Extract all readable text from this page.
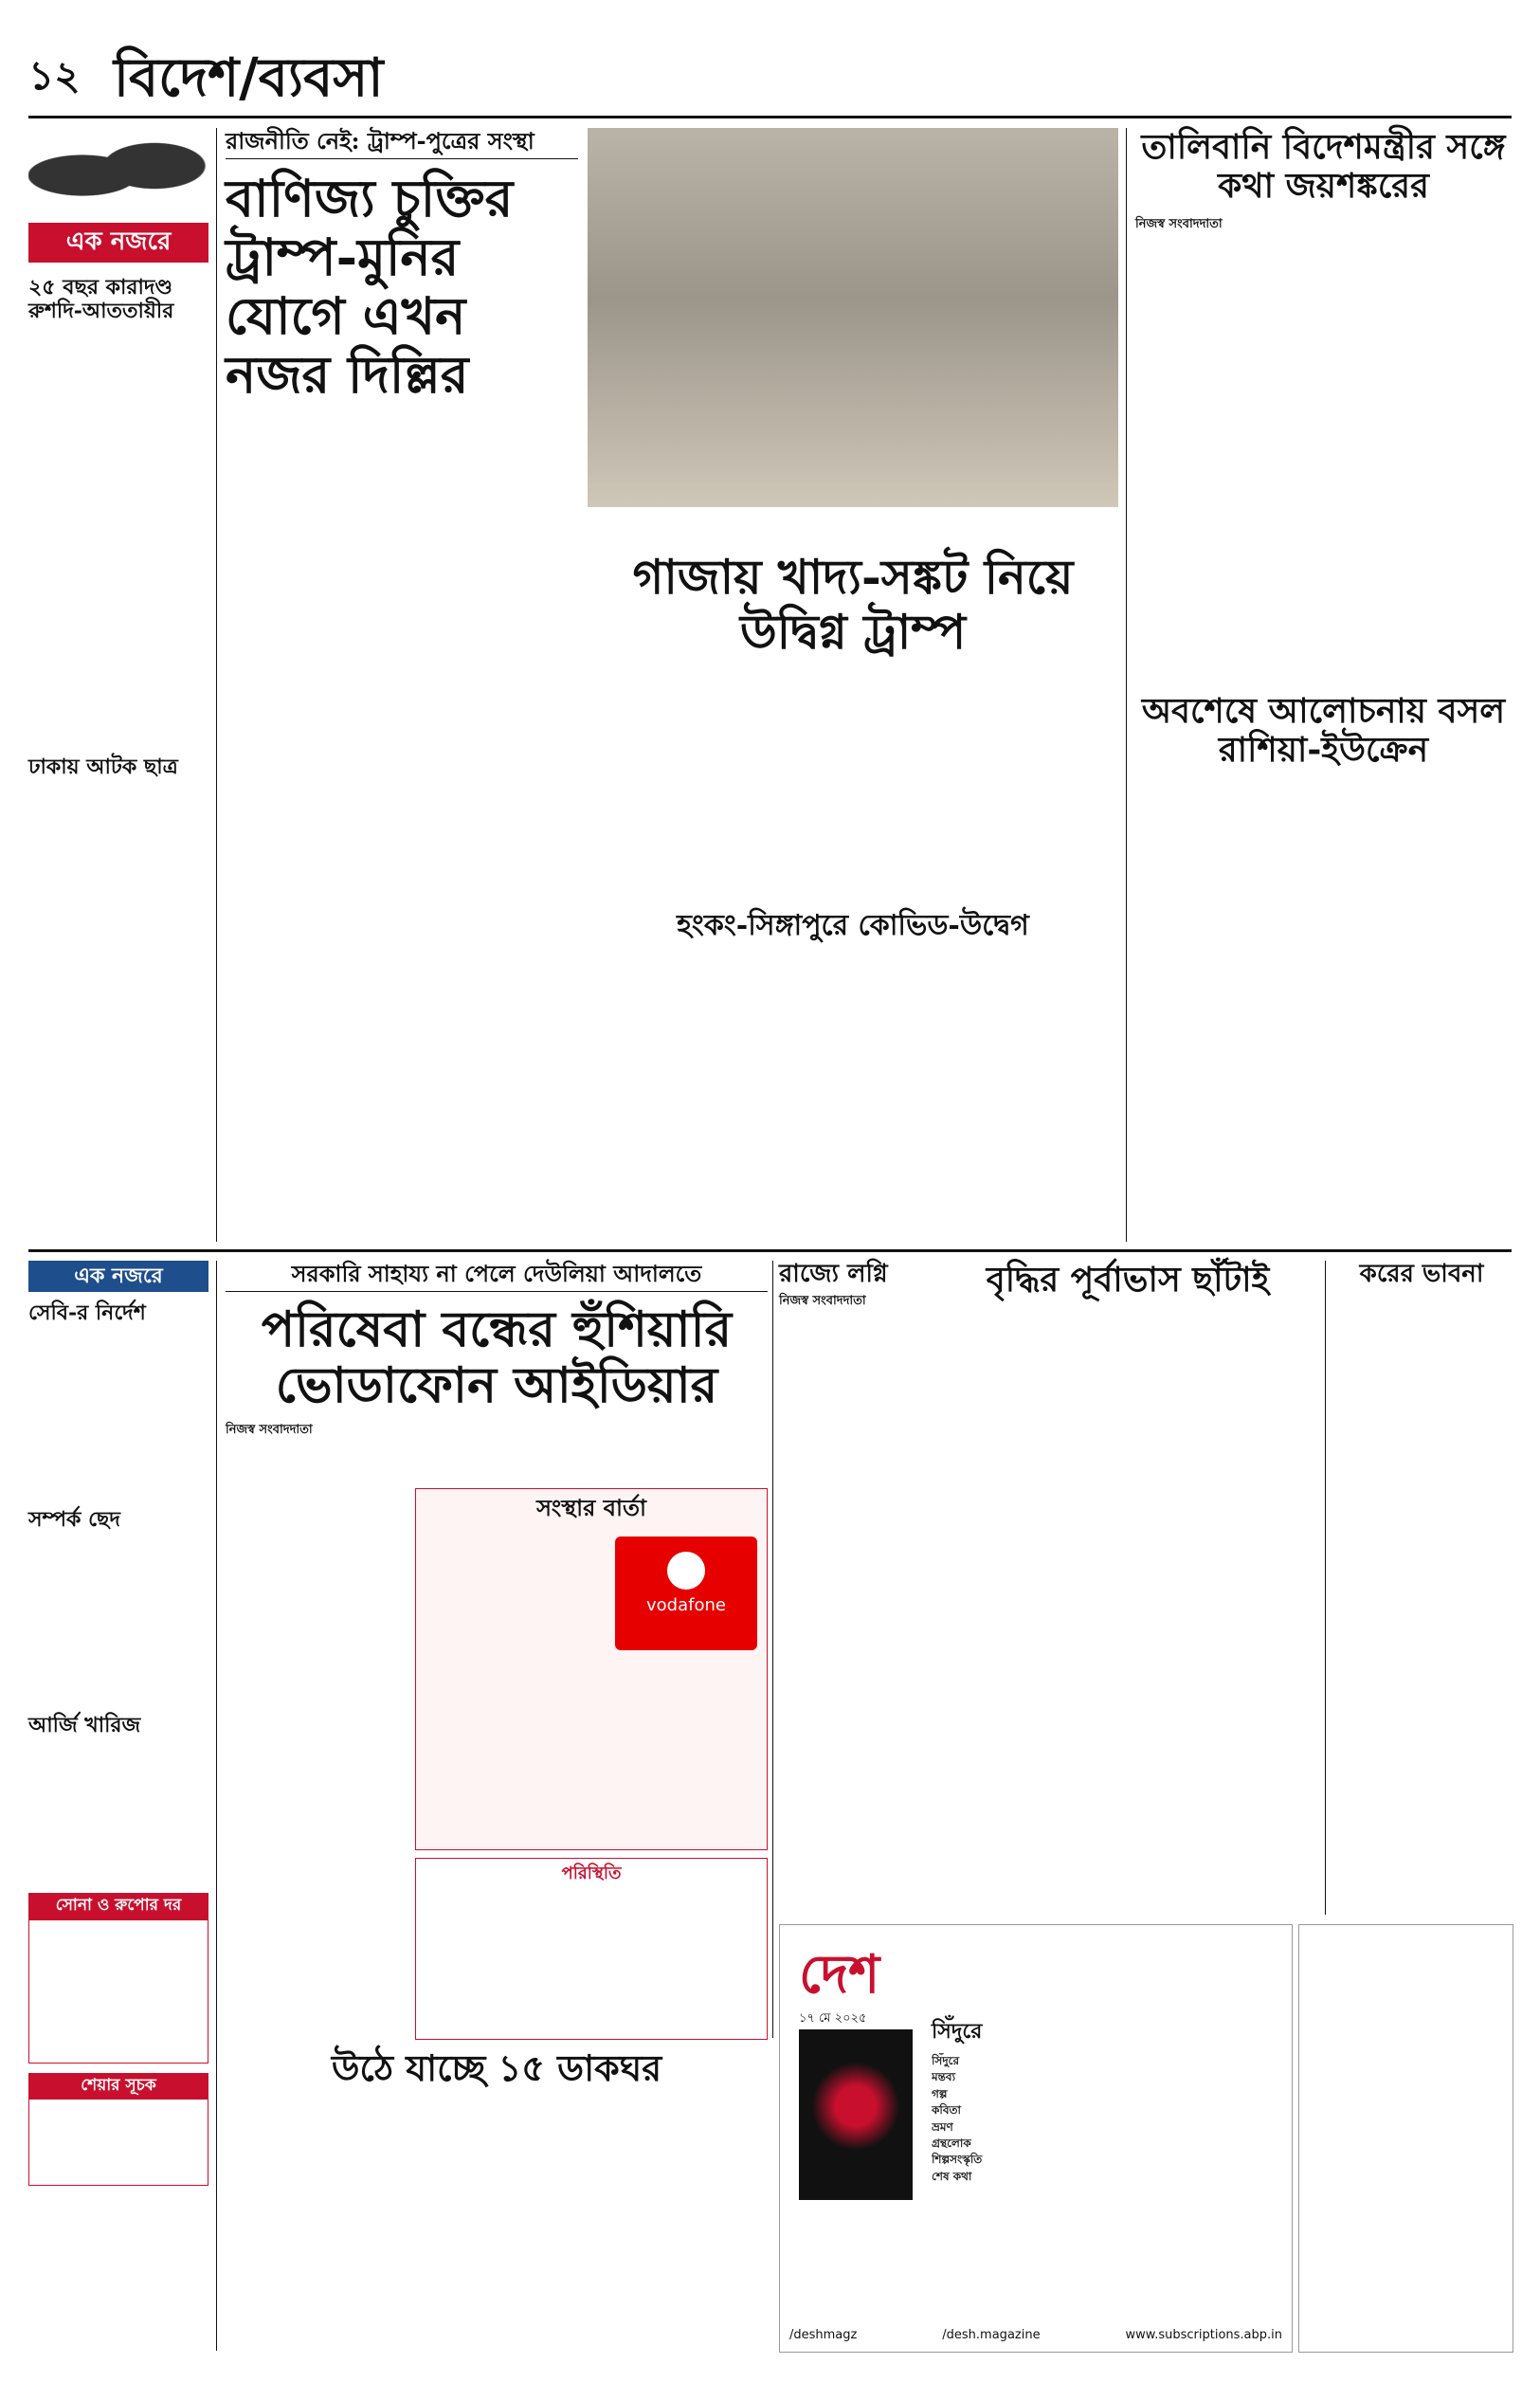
১২ বিদেশ/ব্যবসা
এক নজরে
২৫ বছর কারাদণ্ড রুশদি-আততায়ীর
ঢাকায় আটক ছাত্র
রাজনীতি নেই: ট্রাম্প-পুত্রের সংস্থা
বাণিজ্য চুক্তির ট্রাম্প-মুনির যোগে এখন নজর দিল্লির
গাজায় খাদ্য-সঙ্কট নিয়ে উদ্বিগ্ন ট্রাম্প
হংকং-সিঙ্গাপুরে কোভিড-উদ্বেগ
তালিবানি বিদেশমন্ত্রীর সঙ্গে কথা জয়শঙ্করের
নিজস্ব সংবাদদাতা
অবশেষে আলোচনায় বসল রাশিয়া-ইউক্রেন
এক নজরে
সেবি-র নির্দেশ
সম্পর্ক ছেদ
আর্জি খারিজ
সোনা ও রুপোর দর
শেয়ার সূচক
সরকারি সাহায্য না পেলে দেউলিয়া আদালতে
পরিষেবা বন্ধের হুঁশিয়ারি ভোডাফোন আইডিয়ার
নিজস্ব সংবাদদাতা
সংস্থার বার্তা
vodafone
পরিস্থিতি
উঠে যাচ্ছে ১৫ ডাকঘর
রাজ্যে লগ্নি
নিজস্ব সংবাদদাতা
বৃদ্ধির পূর্বাভাস ছাঁটাই	করের ভাবনা
দেশ
১৭ মে ২০২৫
সিঁদুরে
সিঁদুরে
মন্তব্য
গল্প
কবিতা
ভ্রমণ
গ্রন্থলোক
শিল্পসংস্কৃতি
শেষ কথা
/deshmagz	/desh.magazine	www.subscriptions.abp.in
